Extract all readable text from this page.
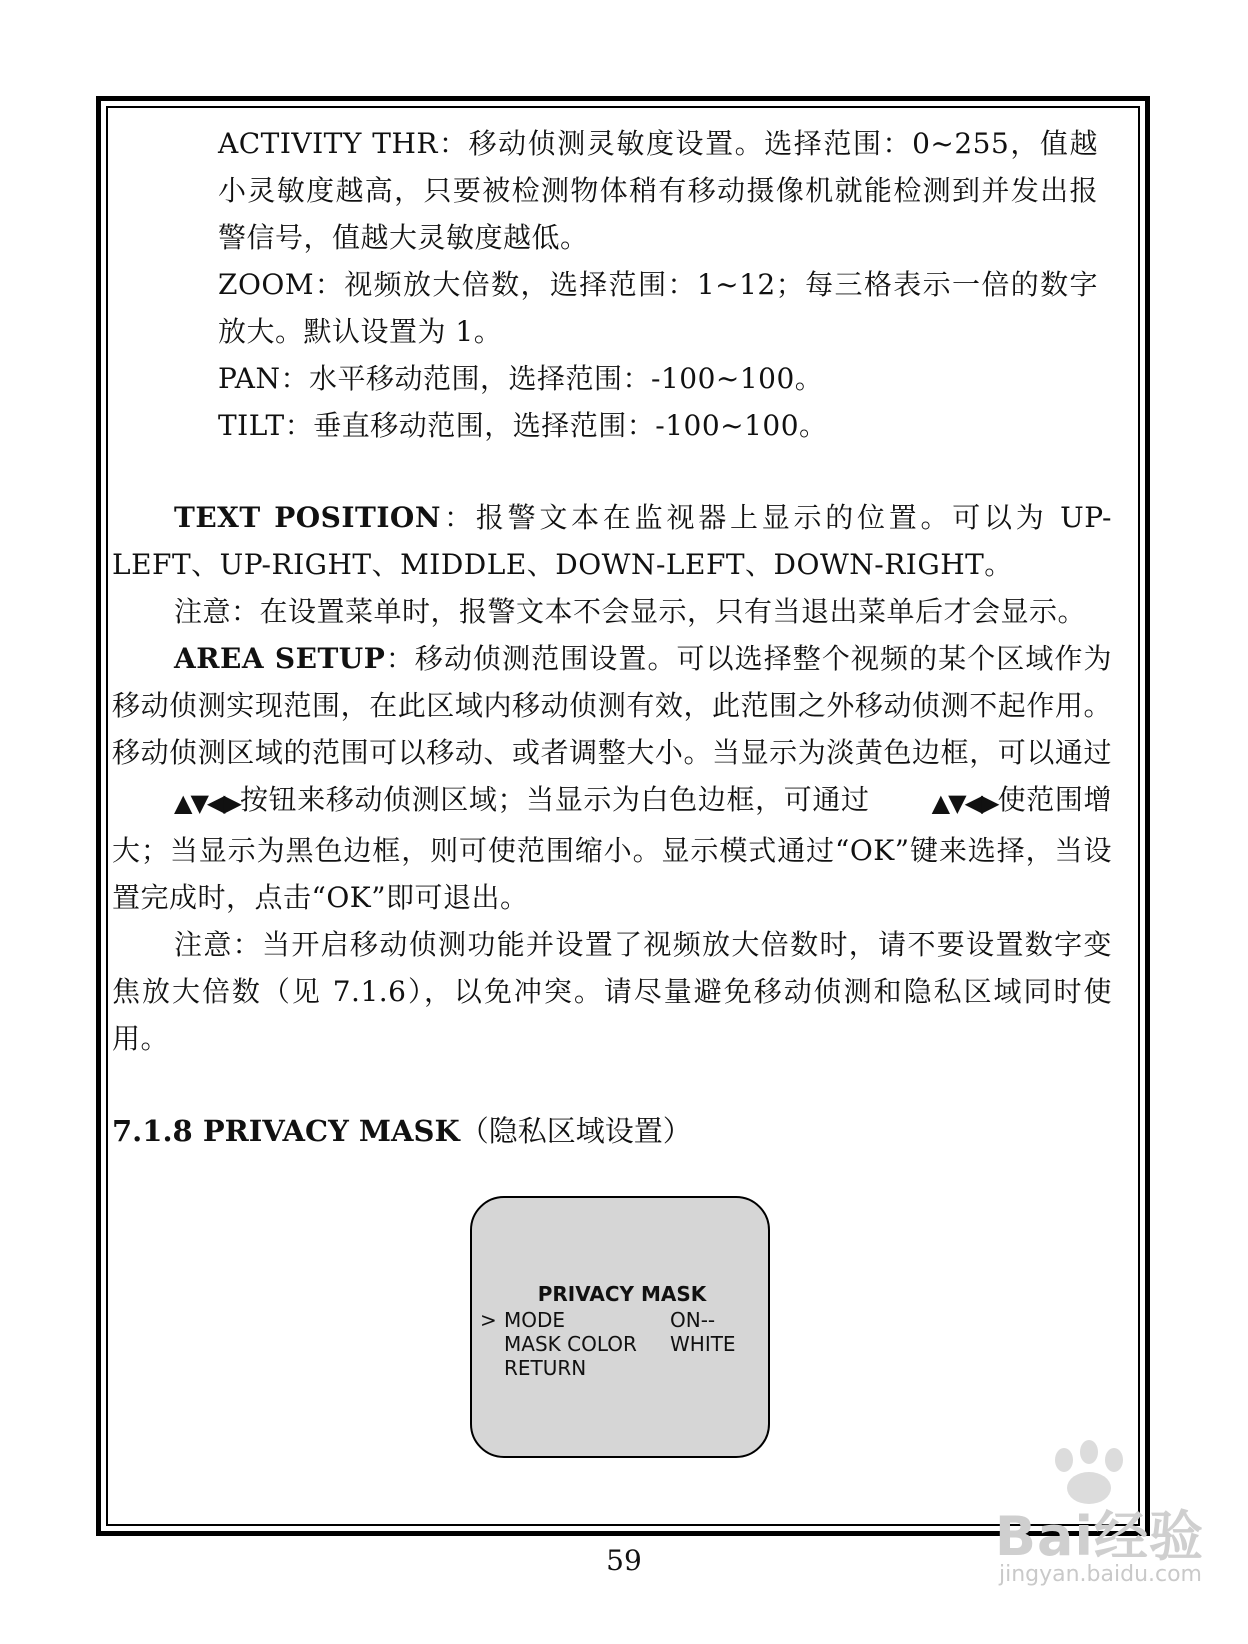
ACTIVITY THR：移动侦测灵敏度设置。选择范围：0~255，值越小灵敏度越高，只要被检测物体稍有移动摄像机就能检测到并发出报警信号，值越大灵敏度越低。

ZOOM：视频放大倍数，选择范围：1~12；每三格表示一倍的数字放大。默认设置为 1。

PAN：水平移动范围，选择范围：-100~100。

TILT：垂直移动范围，选择范围：-100~100。

TEXT POSITION：报警文本在监视器上显示的位置。可以为 UP-LEFT、UP-RIGHT、MIDDLE、DOWN-LEFT、DOWN-RIGHT。

注意：在设置菜单时，报警文本不会显示，只有当退出菜单后才会显示。

AREA SETUP：移动侦测范围设置。可以选择整个视频的某个区域作为移动侦测实现范围，在此区域内移动侦测有效，此范围之外移动侦测不起作用。移动侦测区域的范围可以移动、或者调整大小。当显示为淡黄色边框，可以通过▲▼◀▶按钮来移动侦测区域；当显示为白色边框，可通过	▲▼◀▶使范围增大；当显示为黑色边框，则可使范围缩小。显示模式通过“OK”键来选择，当设置完成时，点击“OK”即可退出。

注意：当开启移动侦测功能并设置了视频放大倍数时，请不要设置数字变焦放大倍数（见 7.1.6），以免冲突。请尽量避免移动侦测和隐私区域同时使用。

7.1.8 PRIVACY MASK（隐私区域设置）

PRIVACY MASK
> MODE	ON--
MASK COLOR WHITE
RETURN
59	Bai经验
jingyan.baidu.com
